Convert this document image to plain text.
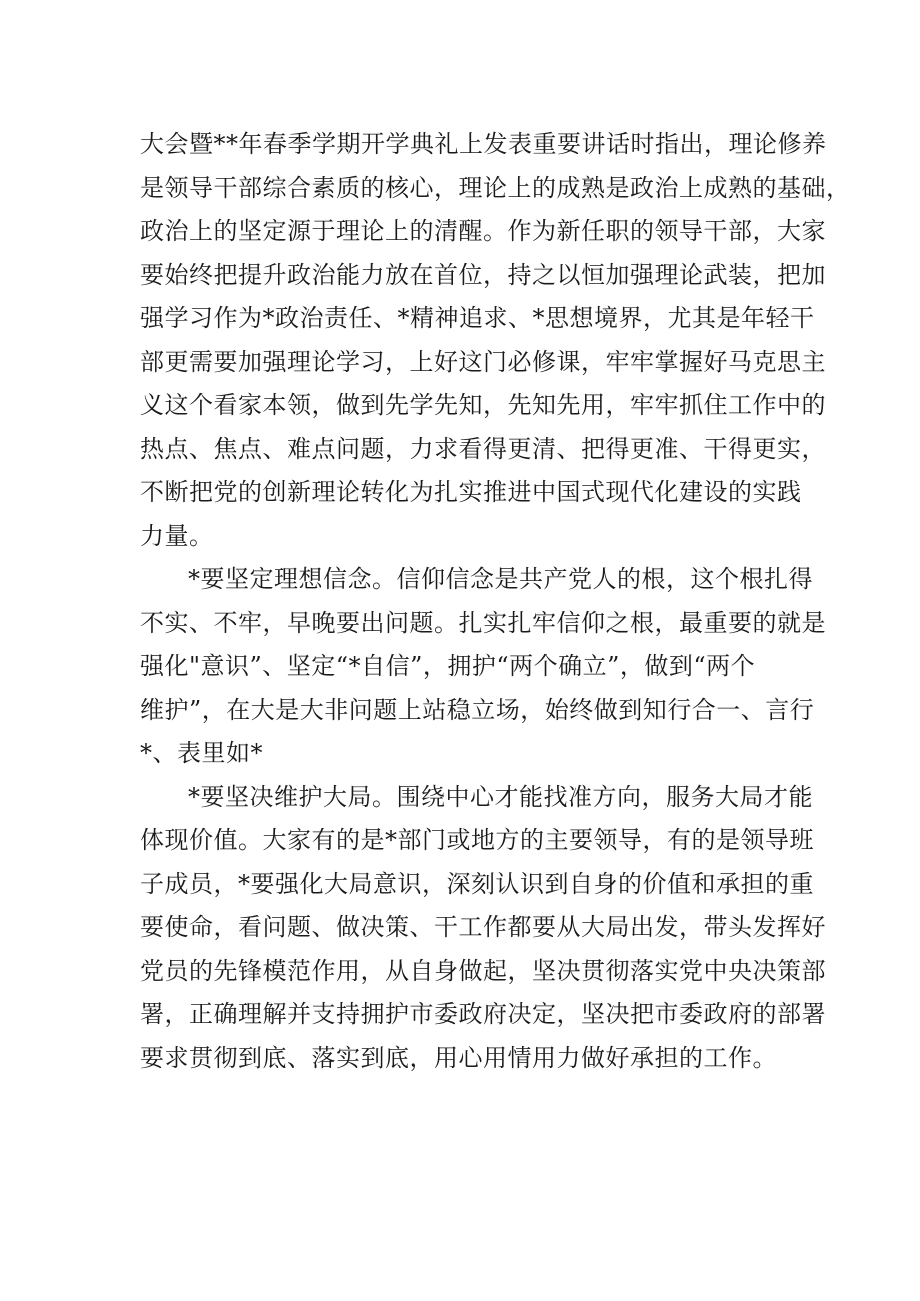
大会暨**年春季学期开学典礼上发表重要讲话时指出，理论修养
是领导干部综合素质的核心，理论上的成熟是政治上成熟的基础，
政治上的坚定源于理论上的清醒。作为新任职的领导干部，大家
要始终把提升政治能力放在首位，持之以恒加强理论武装，把加
强学习作为*政治责任、*精神追求、*思想境界，尤其是年轻干
部更需要加强理论学习，上好这门必修课，牢牢掌握好马克思主
义这个看家本领，做到先学先知，先知先用，牢牢抓住工作中的
热点、焦点、难点问题，力求看得更清、把得更准、干得更实，
不断把党的创新理论转化为扎实推进中国式现代化建设的实践
力量。
*要坚定理想信念。信仰信念是共产党人的根，这个根扎得
不实、不牢，早晚要出问题。扎实扎牢信仰之根，最重要的就是
强化"意识”、坚定“*自信”，拥护“两个确立”，做到“两个
维护”，在大是大非问题上站稳立场，始终做到知行合一、言行
*、表里如*
*要坚决维护大局。围绕中心才能找准方向，服务大局才能
体现价值。大家有的是*部门或地方的主要领导，有的是领导班
子成员，*要强化大局意识，深刻认识到自身的价值和承担的重
要使命，看问题、做决策、干工作都要从大局出发，带头发挥好
党员的先锋模范作用，从自身做起，坚决贯彻落实党中央决策部
署，正确理解并支持拥护市委政府决定，坚决把市委政府的部署
要求贯彻到底、落实到底，用心用情用力做好承担的工作。
